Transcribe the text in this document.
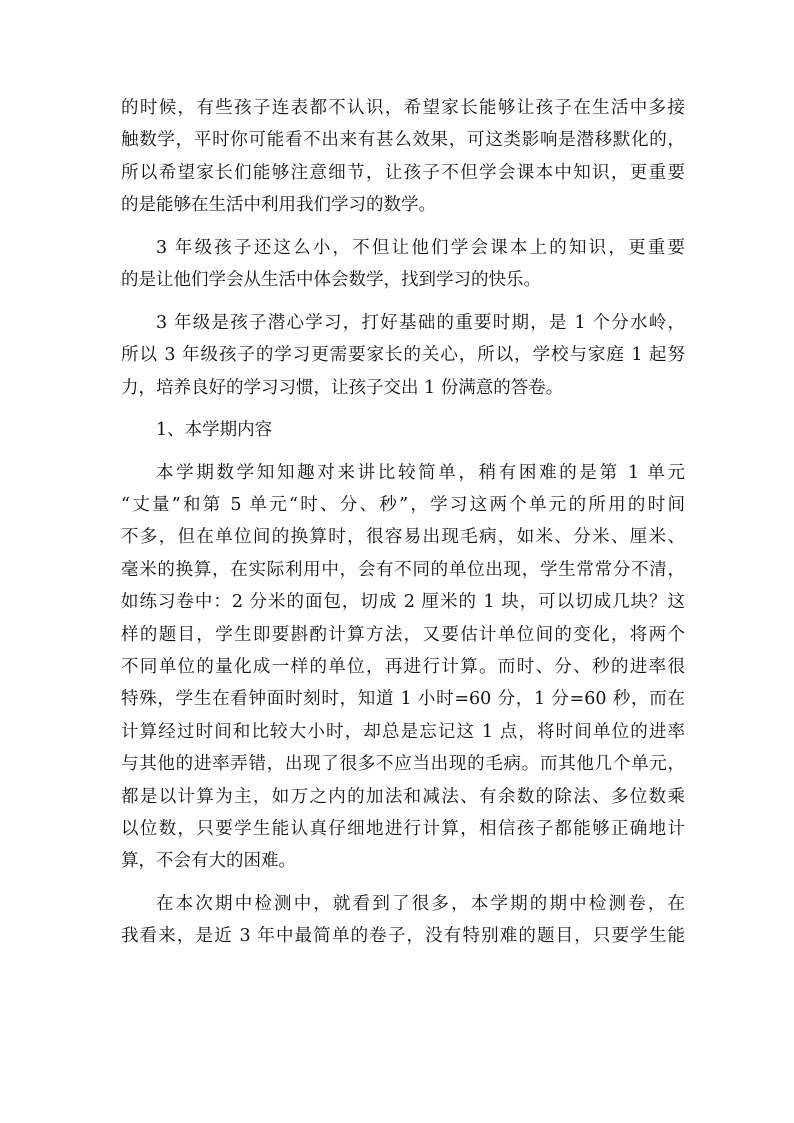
的时候，有些孩子连表都不认识，希望家长能够让孩子在生活中多接
触数学，平时你可能看不出来有甚么效果，可这类影响是潜移默化的，
所以希望家长们能够注意细节，让孩子不但学会课本中知识，更重要
的是能够在生活中利用我们学习的数学。
3 年级孩子还这么小，不但让他们学会课本上的知识，更重要
的是让他们学会从生活中体会数学，找到学习的快乐。
3 年级是孩子潜心学习，打好基础的重要时期，是 1 个分水岭，
所以 3 年级孩子的学习更需要家长的关心，所以，学校与家庭 1 起努
力，培养良好的学习习惯，让孩子交出 1 份满意的答卷。
1、本学期内容
本学期数学知知趣对来讲比较简单，稍有困难的是第 1 单元
“丈量”和第 5 单元“时、分、秒”，学习这两个单元的所用的时间
不多，但在单位间的换算时，很容易出现毛病，如米、分米、厘米、
毫米的换算，在实际利用中，会有不同的单位出现，学生常常分不清，
如练习卷中：2 分米的面包，切成 2 厘米的 1 块，可以切成几块？这
样的题目，学生即要斟酌计算方法，又要估计单位间的变化，将两个
不同单位的量化成一样的单位，再进行计算。而时、分、秒的进率很
特殊，学生在看钟面时刻时，知道 1 小时=60 分，1 分=60 秒，而在
计算经过时间和比较大小时，却总是忘记这 1 点，将时间单位的进率
与其他的进率弄错，出现了很多不应当出现的毛病。而其他几个单元，
都是以计算为主，如万之内的加法和减法、有余数的除法、多位数乘
以位数，只要学生能认真仔细地进行计算，相信孩子都能够正确地计
算，不会有大的困难。
在本次期中检测中，就看到了很多，本学期的期中检测卷，在
我看来，是近 3 年中最简单的卷子，没有特别难的题目，只要学生能
